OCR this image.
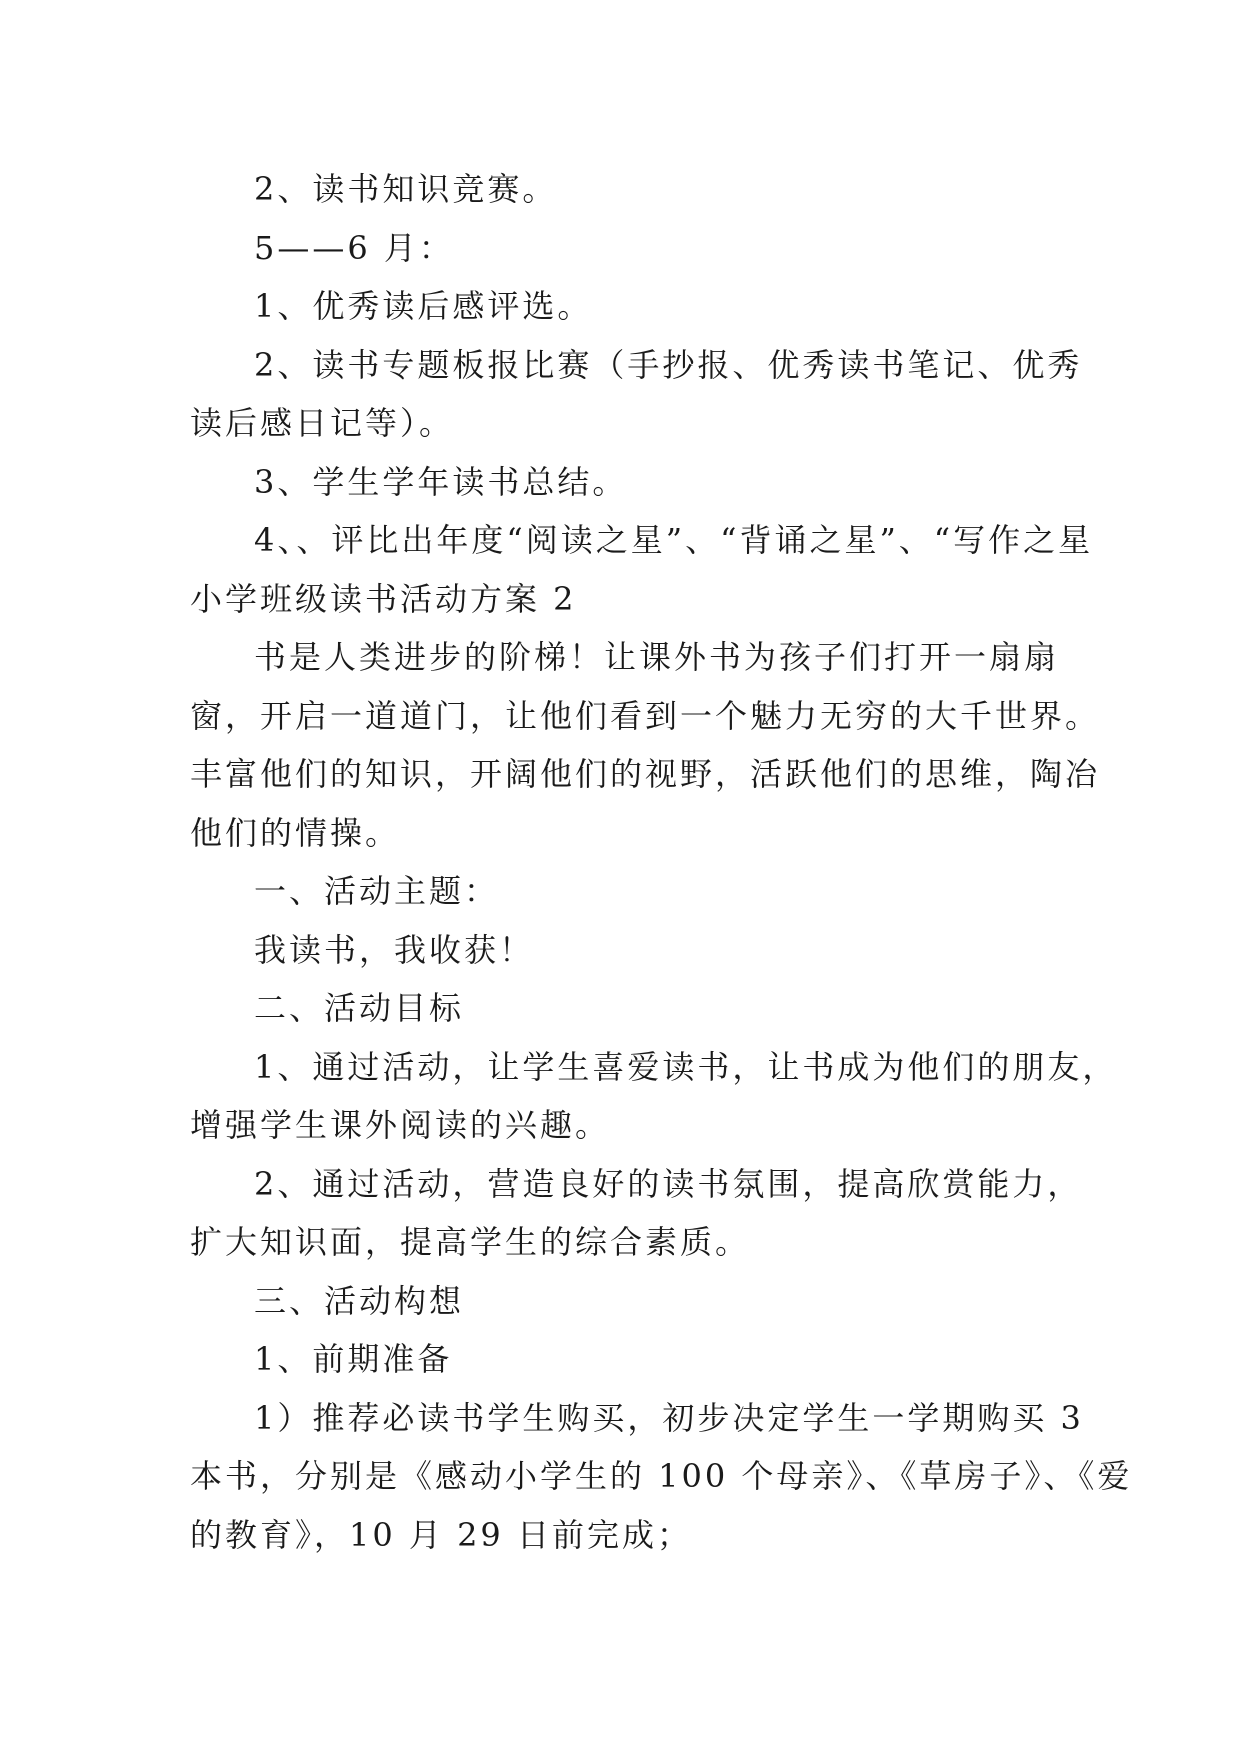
2、读书知识竞赛。
5——6 月：
1、优秀读后感评选。
2、读书专题板报比赛（手抄报、优秀读书笔记、优秀
读后感日记等）。
3、学生学年读书总结。
4、、评比出年度“阅读之星”、“背诵之星”、“写作之星
小学班级读书活动方案 2
书是人类进步的阶梯！让课外书为孩子们打开一扇扇
窗，开启一道道门，让他们看到一个魅力无穷的大千世界。
丰富他们的知识，开阔他们的视野，活跃他们的思维，陶冶
他们的情操。
一、活动主题：
我读书，我收获！
二、活动目标
1、通过活动，让学生喜爱读书，让书成为他们的朋友，
增强学生课外阅读的兴趣。
2、通过活动，营造良好的读书氛围，提高欣赏能力，
扩大知识面，提高学生的综合素质。
三、活动构想
1、前期准备
1）推荐必读书学生购买，初步决定学生一学期购买 3
本书，分别是《感动小学生的 100 个母亲》、《草房子》、《爱
的教育》，10 月 29 日前完成；
